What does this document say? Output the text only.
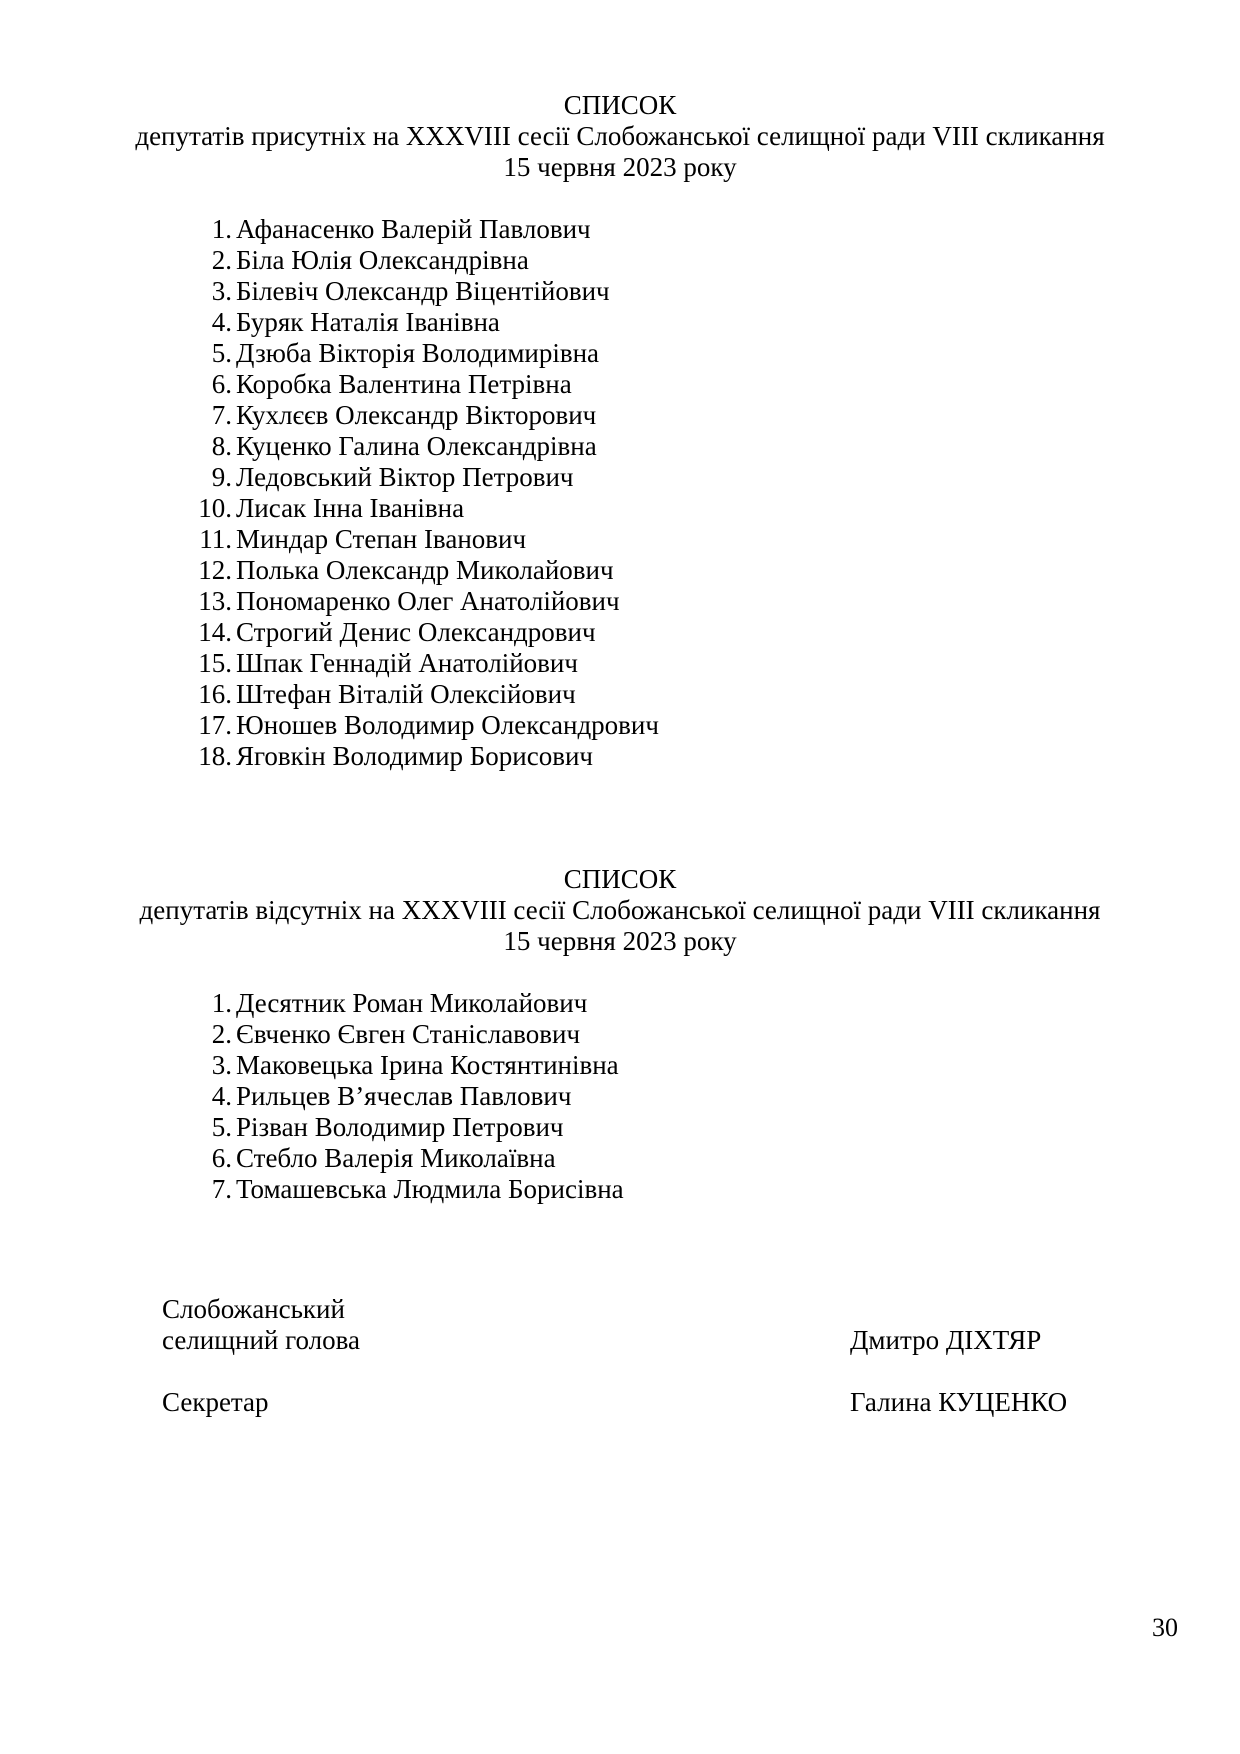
СПИСОК
депутатів присутніх на XXXVIII сесії Слобожанської селищної ради VIII скликання
15 червня 2023 року
1. Афанасенко Валерій Павлович
2. Біла Юлія Олександрівна
3. Білевіч Олександр Віцентійович
4. Буряк Наталія Іванівна
5. Дзюба Вікторія Володимирівна
6. Коробка Валентина Петрівна
7. Кухлєєв Олександр Вікторович
8. Куценко Галина Олександрівна
9. Ледовський Віктор Петрович
10. Лисак Інна Іванівна
11. Миндар Степан Іванович
12. Полька Олександр Миколайович
13. Пономаренко Олег Анатолійович
14. Строгий Денис Олександрович
15. Шпак Геннадій Анатолійович
16. Штефан Віталій Олексійович
17. Юношев Володимир Олександрович
18. Яговкін Володимир Борисович
СПИСОК
депутатів відсутніх на XXXVIII сесії Слобожанської селищної ради VIII скликання
15 червня 2023 року
1. Десятник Роман Миколайович
2. Євченко Євген Станіславович
3. Маковецька Ірина Костянтинівна
4. Рильцев В’ячеслав Павлович
5. Різван Володимир Петрович
6. Стебло Валерія Миколаївна
7. Томашевська Людмила Борисівна
Слобожанський
селищний голова	Дмитро ДІХТЯР
Секретар	Галина КУЦЕНКО
30
